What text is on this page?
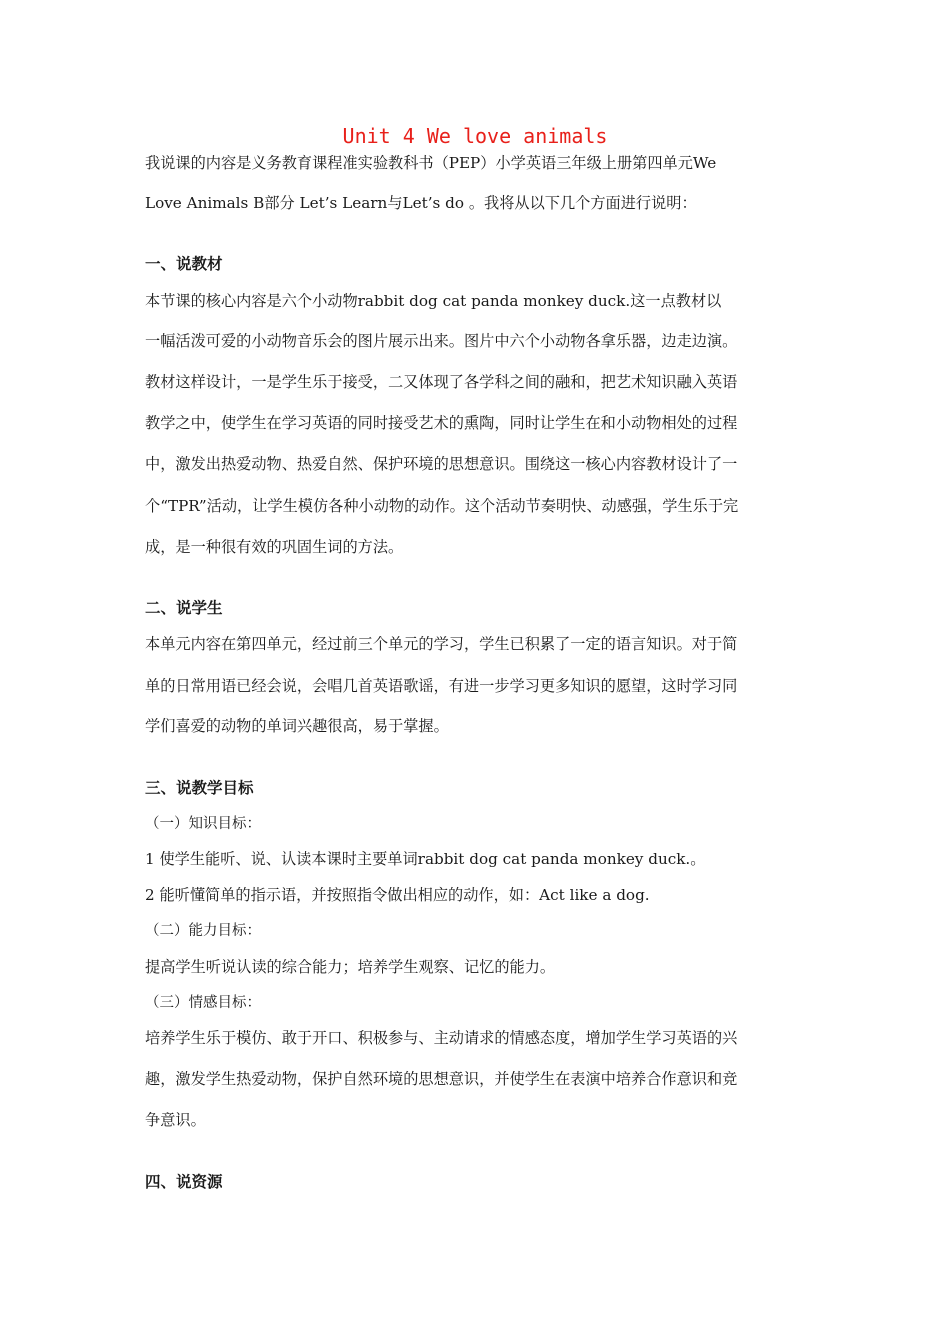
Unit 4 We love animals
我说课的内容是义务教育课程准实验教科书（PEP）小学英语三年级上册第四单元We
Love Animals B部分 Let’s Learn与Let’s do 。我将从以下几个方面进行说明：
一、说教材
本节课的核心内容是六个小动物rabbit dog cat panda monkey duck.这一点教材以
一幅活泼可爱的小动物音乐会的图片展示出来。图片中六个小动物各拿乐器，边走边演。
教材这样设计，一是学生乐于接受，二又体现了各学科之间的融和，把艺术知识融入英语
教学之中，使学生在学习英语的同时接受艺术的熏陶，同时让学生在和小动物相处的过程
中，激发出热爱动物、热爱自然、保护环境的思想意识。围绕这一核心内容教材设计了一
个“TPR”活动，让学生模仿各种小动物的动作。这个活动节奏明快、动感强，学生乐于完
成，是一种很有效的巩固生词的方法。
二、说学生
本单元内容在第四单元，经过前三个单元的学习，学生已积累了一定的语言知识。对于简
单的日常用语已经会说，会唱几首英语歌谣，有进一步学习更多知识的愿望，这时学习同
学们喜爱的动物的单词兴趣很高，易于掌握。
三、说教学目标
（一）知识目标：
1 使学生能听、说、认读本课时主要单词rabbit dog cat panda monkey duck.。
2 能听懂简单的指示语，并按照指令做出相应的动作，如：Act like a dog.
（二）能力目标：
提高学生听说认读的综合能力；培养学生观察、记忆的能力。
（三）情感目标：
培养学生乐于模仿、敢于开口、积极参与、主动请求的情感态度，增加学生学习英语的兴
趣，激发学生热爱动物，保护自然环境的思想意识，并使学生在表演中培养合作意识和竞
争意识。
四、说资源
